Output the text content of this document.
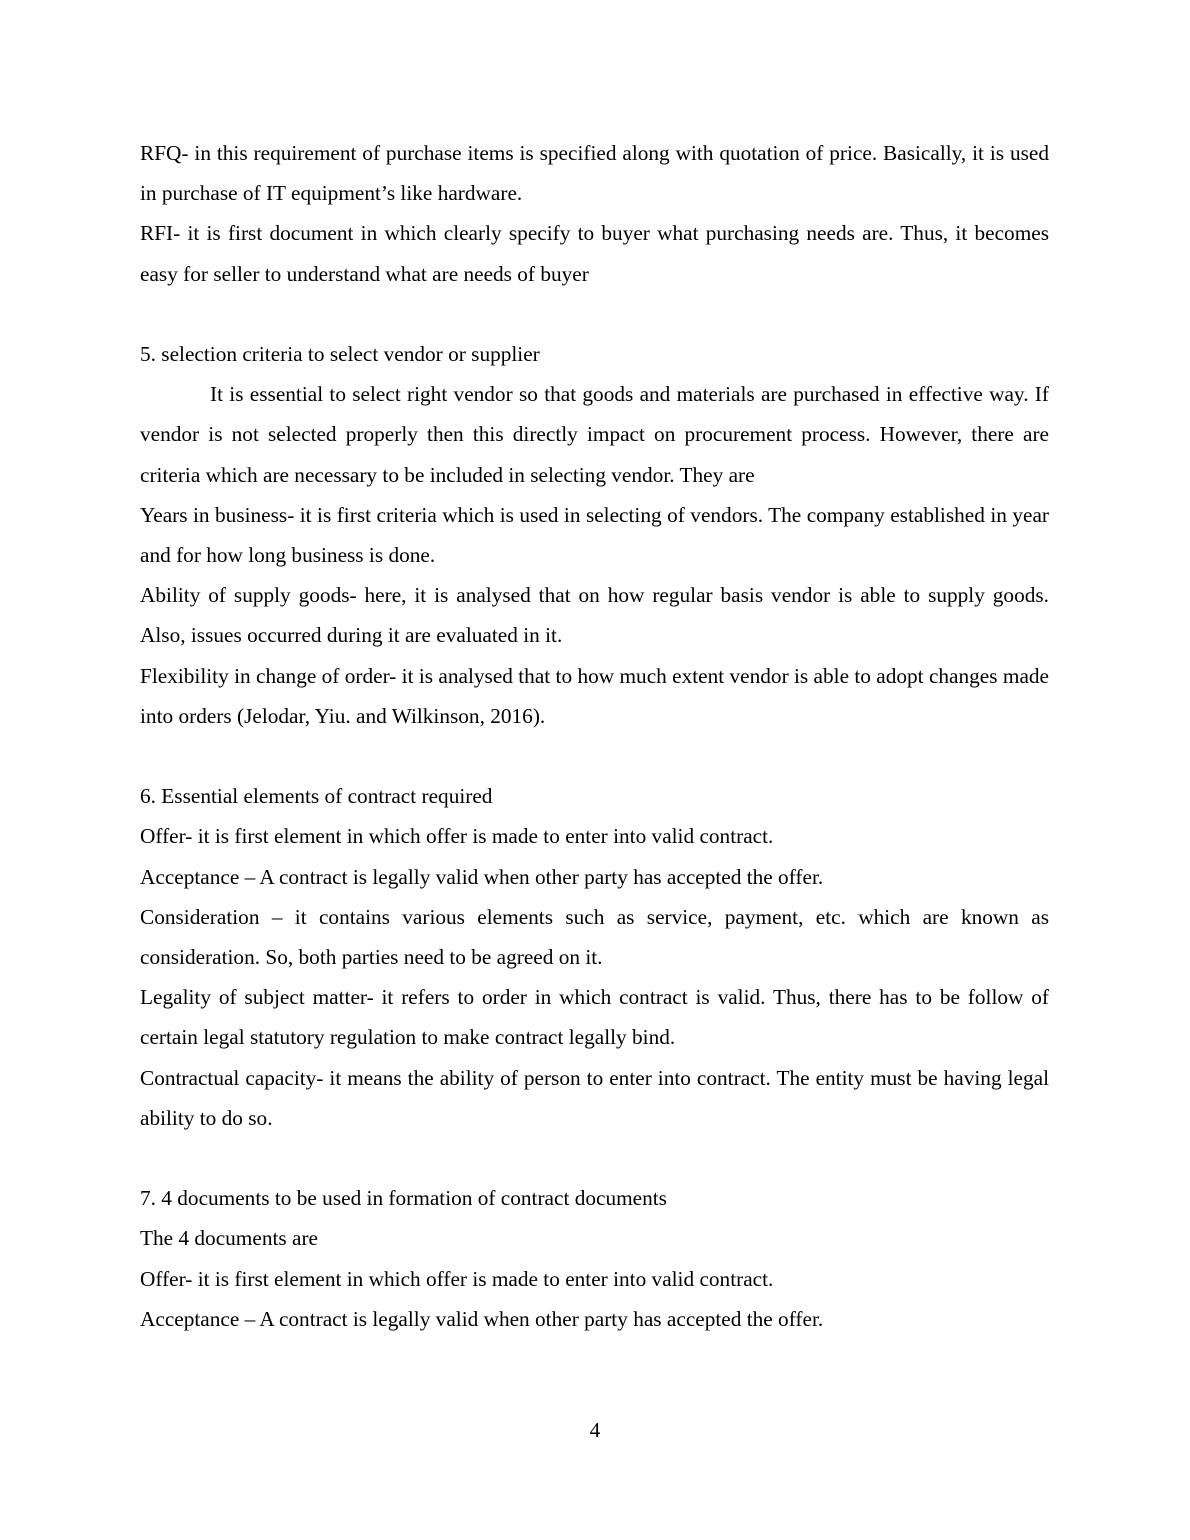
RFQ- in this requirement of purchase items is specified along with quotation of price. Basically, it is used in purchase of IT equipment’s like hardware.

RFI- it is first document in which clearly specify to buyer what purchasing needs are. Thus, it becomes easy for seller to understand what are needs of buyer

5. selection criteria to select vendor or supplier

It is essential to select right vendor so that goods and materials are purchased in effective way. If vendor is not selected properly then this directly impact on procurement process. However, there are criteria which are necessary to be included in selecting vendor. They are

Years in business- it is first criteria which is used in selecting of vendors. The company established in year and for how long business is done.

Ability of supply goods- here, it is analysed that on how regular basis vendor is able to supply goods. Also, issues occurred during it are evaluated in it.

Flexibility in change of order- it is analysed that to how much extent vendor is able to adopt changes made into orders (Jelodar, Yiu. and Wilkinson, 2016).

6. Essential elements of contract required

Offer- it is first element in which offer is made to enter into valid contract.

Acceptance – A contract is legally valid when other party has accepted the offer.

Consideration – it contains various elements such as service, payment, etc. which are known as consideration. So, both parties need to be agreed on it.

Legality of subject matter- it refers to order in which contract is valid. Thus, there has to be follow of certain legal statutory regulation to make contract legally bind.

Contractual capacity- it means the ability of person to enter into contract. The entity must be having legal ability to do so.

7. 4 documents to be used in formation of contract documents

The 4 documents are

Offer- it is first element in which offer is made to enter into valid contract.

Acceptance – A contract is legally valid when other party has accepted the offer.

4
